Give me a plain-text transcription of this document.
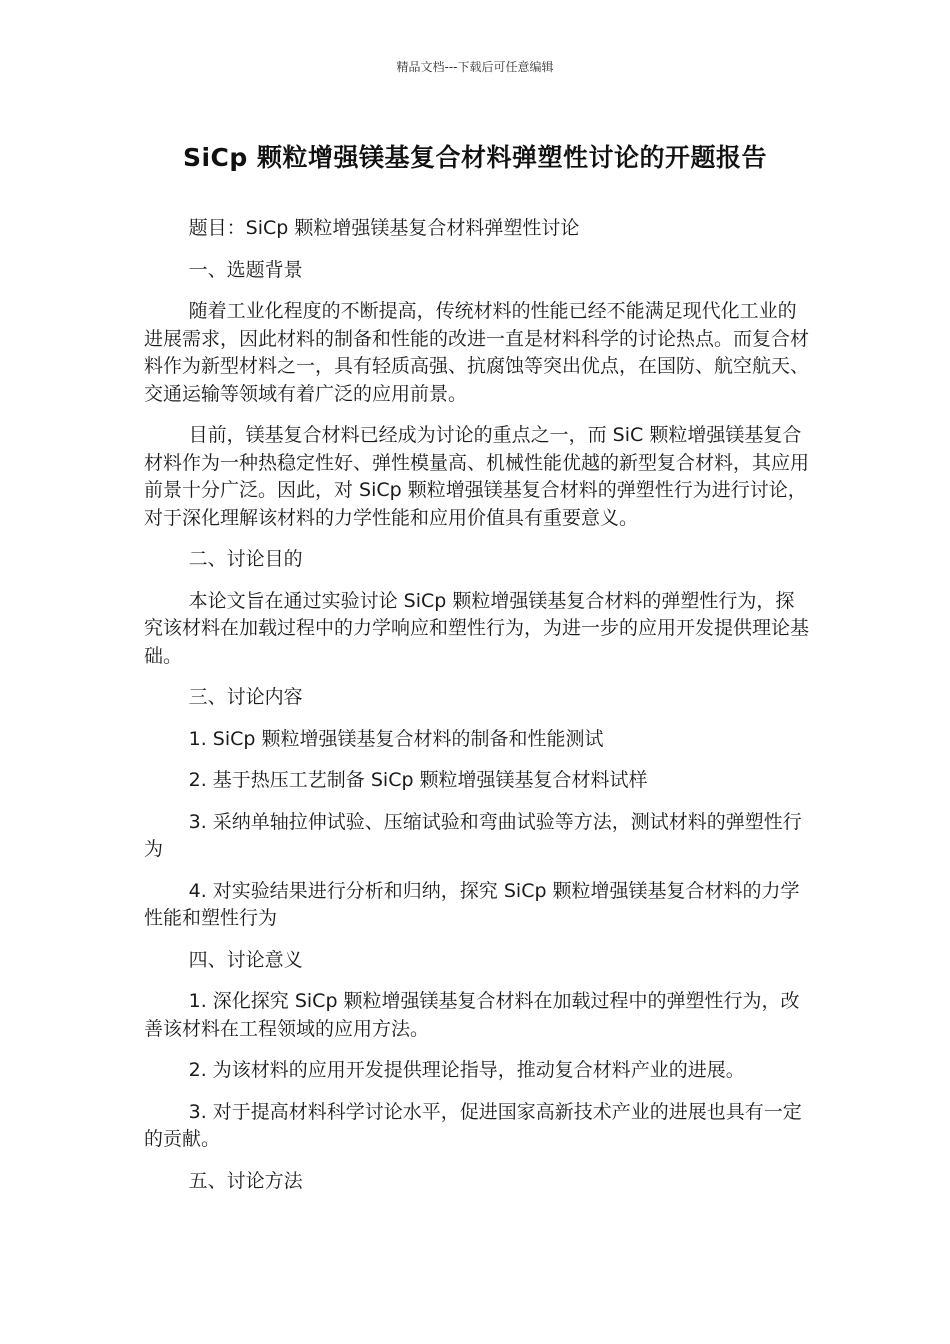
精品文档---下载后可任意编辑
SiCp 颗粒增强镁基复合材料弹塑性讨论的开题报告

题目：SiCp 颗粒增强镁基复合材料弹塑性讨论

一、选题背景

随着工业化程度的不断提高，传统材料的性能已经不能满足现代化工业的进展需求，因此材料的制备和性能的改进一直是材料科学的讨论热点。而复合材料作为新型材料之一，具有轻质高强、抗腐蚀等突出优点，在国防、航空航天、交通运输等领域有着广泛的应用前景。

目前，镁基复合材料已经成为讨论的重点之一，而 SiC 颗粒增强镁基复合材料作为一种热稳定性好、弹性模量高、机械性能优越的新型复合材料，其应用前景十分广泛。因此，对 SiCp 颗粒增强镁基复合材料的弹塑性行为进行讨论，对于深化理解该材料的力学性能和应用价值具有重要意义。

二、讨论目的

本论文旨在通过实验讨论 SiCp 颗粒增强镁基复合材料的弹塑性行为，探究该材料在加载过程中的力学响应和塑性行为，为进一步的应用开发提供理论基础。

三、讨论内容

1. SiCp 颗粒增强镁基复合材料的制备和性能测试

2. 基于热压工艺制备 SiCp 颗粒增强镁基复合材料试样

3. 采纳单轴拉伸试验、压缩试验和弯曲试验等方法，测试材料的弹塑性行为

4. 对实验结果进行分析和归纳，探究 SiCp 颗粒增强镁基复合材料的力学性能和塑性行为

四、讨论意义

1. 深化探究 SiCp 颗粒增强镁基复合材料在加载过程中的弹塑性行为，改善该材料在工程领域的应用方法。

2. 为该材料的应用开发提供理论指导，推动复合材料产业的进展。

3. 对于提高材料科学讨论水平，促进国家高新技术产业的进展也具有一定的贡献。

五、讨论方法
